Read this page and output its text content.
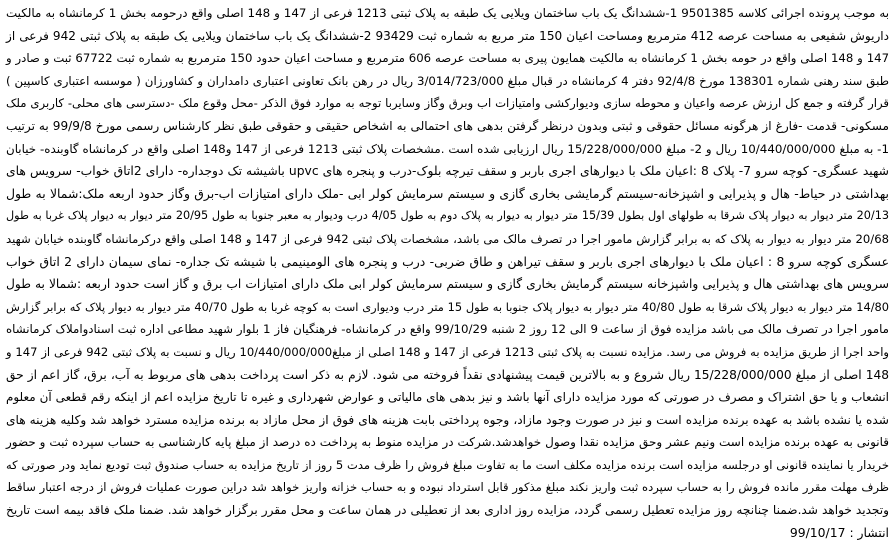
به موجب پرونده اجرائی کلاسه 9501385 1-ششدانگ یک باب ساختمان ویلایی یک طبقه به پلاک ثبتی 1213 فرعی از 147 و 148 اصلی واقع درحومه بخش 1 کرمانشاه به مالکیت
داریوش شفیعی به مساحت عرصه 412 مترمربع ومساحت اعیان 150 متر مربع به شماره ثبت 93429 2-ششدانگ یک باب ساختمان ویلایی یک طبقه به پلاک ثبتی 942 فرعی از
147 و 148 اصلی واقع در حومه بخش 1 کرمانشاه به مالکیت همایون پیری به مساحت عرصه 606 مترمربع و مساحت اعیان حدود 150 مترمربع به شماره ثبت 67722 ثبت و صادر و
طبق سند رهنی شماره 138301 مورخ 92/4/8 دفتر 4 کرمانشاه در قبال مبلغ 3/014/723/000 ریال در رهن بانک تعاونی اعتباری دامداران و کشاورزان ( موسسه اعتباری کاسپین )
قرار گرفته و جمع کل ارزش عرصه واعیان و محوطه سازی ودیوارکشی وامتیازات اب وبرق وگاز وسایربا توجه به موارد فوق الذکر -محل وقوع ملک -دسترسی های محلی- کاربری ملک
مسکونی- قدمت -فارغ از هرگونه مسائل حقوقی و ثبتی وبدون درنظر گرفتن بدهی های احتمالی به اشخاص حقیقی و حقوقی طبق نظر کارشناس رسمی مورخ 99/9/8 به ترتیب
1- به مبلغ 10/440/000/000 ریال و 2- مبلغ 15/228/000/000 ریال ارزیابی شده است .مشخصات پلاک ثبتی 1213 فرعی از 147 و148 اصلی واقع در کرمانشاه گاوبنده- خیابان
شهید عسگری- کوچه سرو 7- پلاک 8 :اعیان ملک با دیوارهای اجری باربر و سقف تیرچه بلوک-درب و پنجره های upvc باشیشه تک دوجداره- دارای 2اتاق خواب- سرویس های
بهداشتی در حیاط- هال و پذیرایی و اشپزخانه-سیستم گرمایشی بخاری گازی و سیستم سرمایش کولر ابی -ملک دارای امتیازات اب-برق وگاز حدود اربعه ملک:شمالا به طول
20/13 متر دیوار به دیوار پلاک شرقا به طولهای اول بطول 15/39 متر دیوار به دیوار به پلاک دوم به طول 4/05 درب ودیوار به معبر جنوبا به طول 20/95 متر دیوار به دیوار پلاک غربا به طول
20/68 متر دیوار به دیوار به پلاک که به برابر گزارش مامور اجرا در تصرف مالک می باشد، مشخصات پلاک ثبتی 942 فرعی از 147 و 148 اصلی واقع درکرمانشاه گاوبنده خیابان شهید
عسگری کوچه سرو 8 : اعیان ملک با دیوارهای اجری باربر و سقف تیراهن و طاق ضربی- درب و پنجره های الومینیمی با شیشه تک جداره- نمای سیمان دارای 2 اتاق خواب
سرویس های بهداشتی هال و پذیرایی واشپزخانه سیستم گرمایش بخاری گازی و سیستم سرمایش کولر ابی ملک دارای امتیازات اب برق و گاز است حدود اربعه :شمالا به طول
14/80 متر دیوار به دیوار پلاک شرقا به طول 40/80 متر دیوار به دیوار پلاک جنوبا به طول 15 متر درب ودیواری است به کوچه غربا به طول 40/70 متر دیوار به دیوار پلاک که برابر گزارش
مامور اجرا در تصرف مالک می باشد مزایده فوق از ساعت 9 الی 12 روز 2 شنبه 99/10/29 واقع در کرمانشاه- فرهنگیان فاز 1 بلوار شهید مطاعی اداره ثبت اسنادواملاک کرمانشاه
واحد اجرا از طریق مزایده به فروش می رسد. مزایده نسبت به پلاک ثبتی 1213 فرعی از 147 و 148 اصلی از مبلغ10/440/000/000 ریال و نسبت به پلاک ثبتی 942 فرعی از 147 و
148 اصلی از مبلغ 15/228/000/000 ریال شروع و به بالاترین قیمت پیشنهادی نقداً فروخته می شود. لازم به ذکر است پرداخت بدهی های مربوط به آب، برق، گاز اعم از حق
انشعاب و یا حق اشتراک و مصرف در صورتی که مورد مزایده دارای آنها باشد و نیز بدهی های مالیاتی و عوارض شهرداری و غیره تا تاریخ مزایده اعم از اینکه رقم قطعی آن معلوم
شده یا نشده باشد به عهده برنده مزایده است و نیز در صورت وجود مازاد، وجوه پرداختی بابت هزینه های فوق از محل مازاد به برنده مزایده مسترد خواهد شد وکلیه هزینه های
قانونی به عهده برنده مزایده است ونیم عشر وحق مزایده نقدا وصول خواهدشد.شرکت در مزایده منوط به پرداخت ده درصد از مبلغ پایه کارشناسی به حساب سپرده ثبت و حضور
خریدار یا نماینده قانونی او درجلسه مزایده است برنده مزایده مکلف است ما به تفاوت مبلغ فروش را ظرف مدت 5 روز از تاریخ مزایده به حساب صندوق ثبت تودیع نماید ودر صورتی که
ظرف مهلت مقرر مانده فروش را به حساب سپرده ثبت واریز نکند مبلغ مذکور قابل استرداد نبوده و به حساب خزانه واریز خواهد شد دراین صورت عملیات فروش از درجه اعتبار ساقط
وتجدید خواهد شد.ضمنا چنانچه روز مزایده تعطیل رسمی گردد، مزایده روز اداری بعد از تعطیلی در همان ساعت و محل مقرر برگزار خواهد شد. ضمنا ملک فاقد بیمه است تاریخ
انتشار : 99/10/17
